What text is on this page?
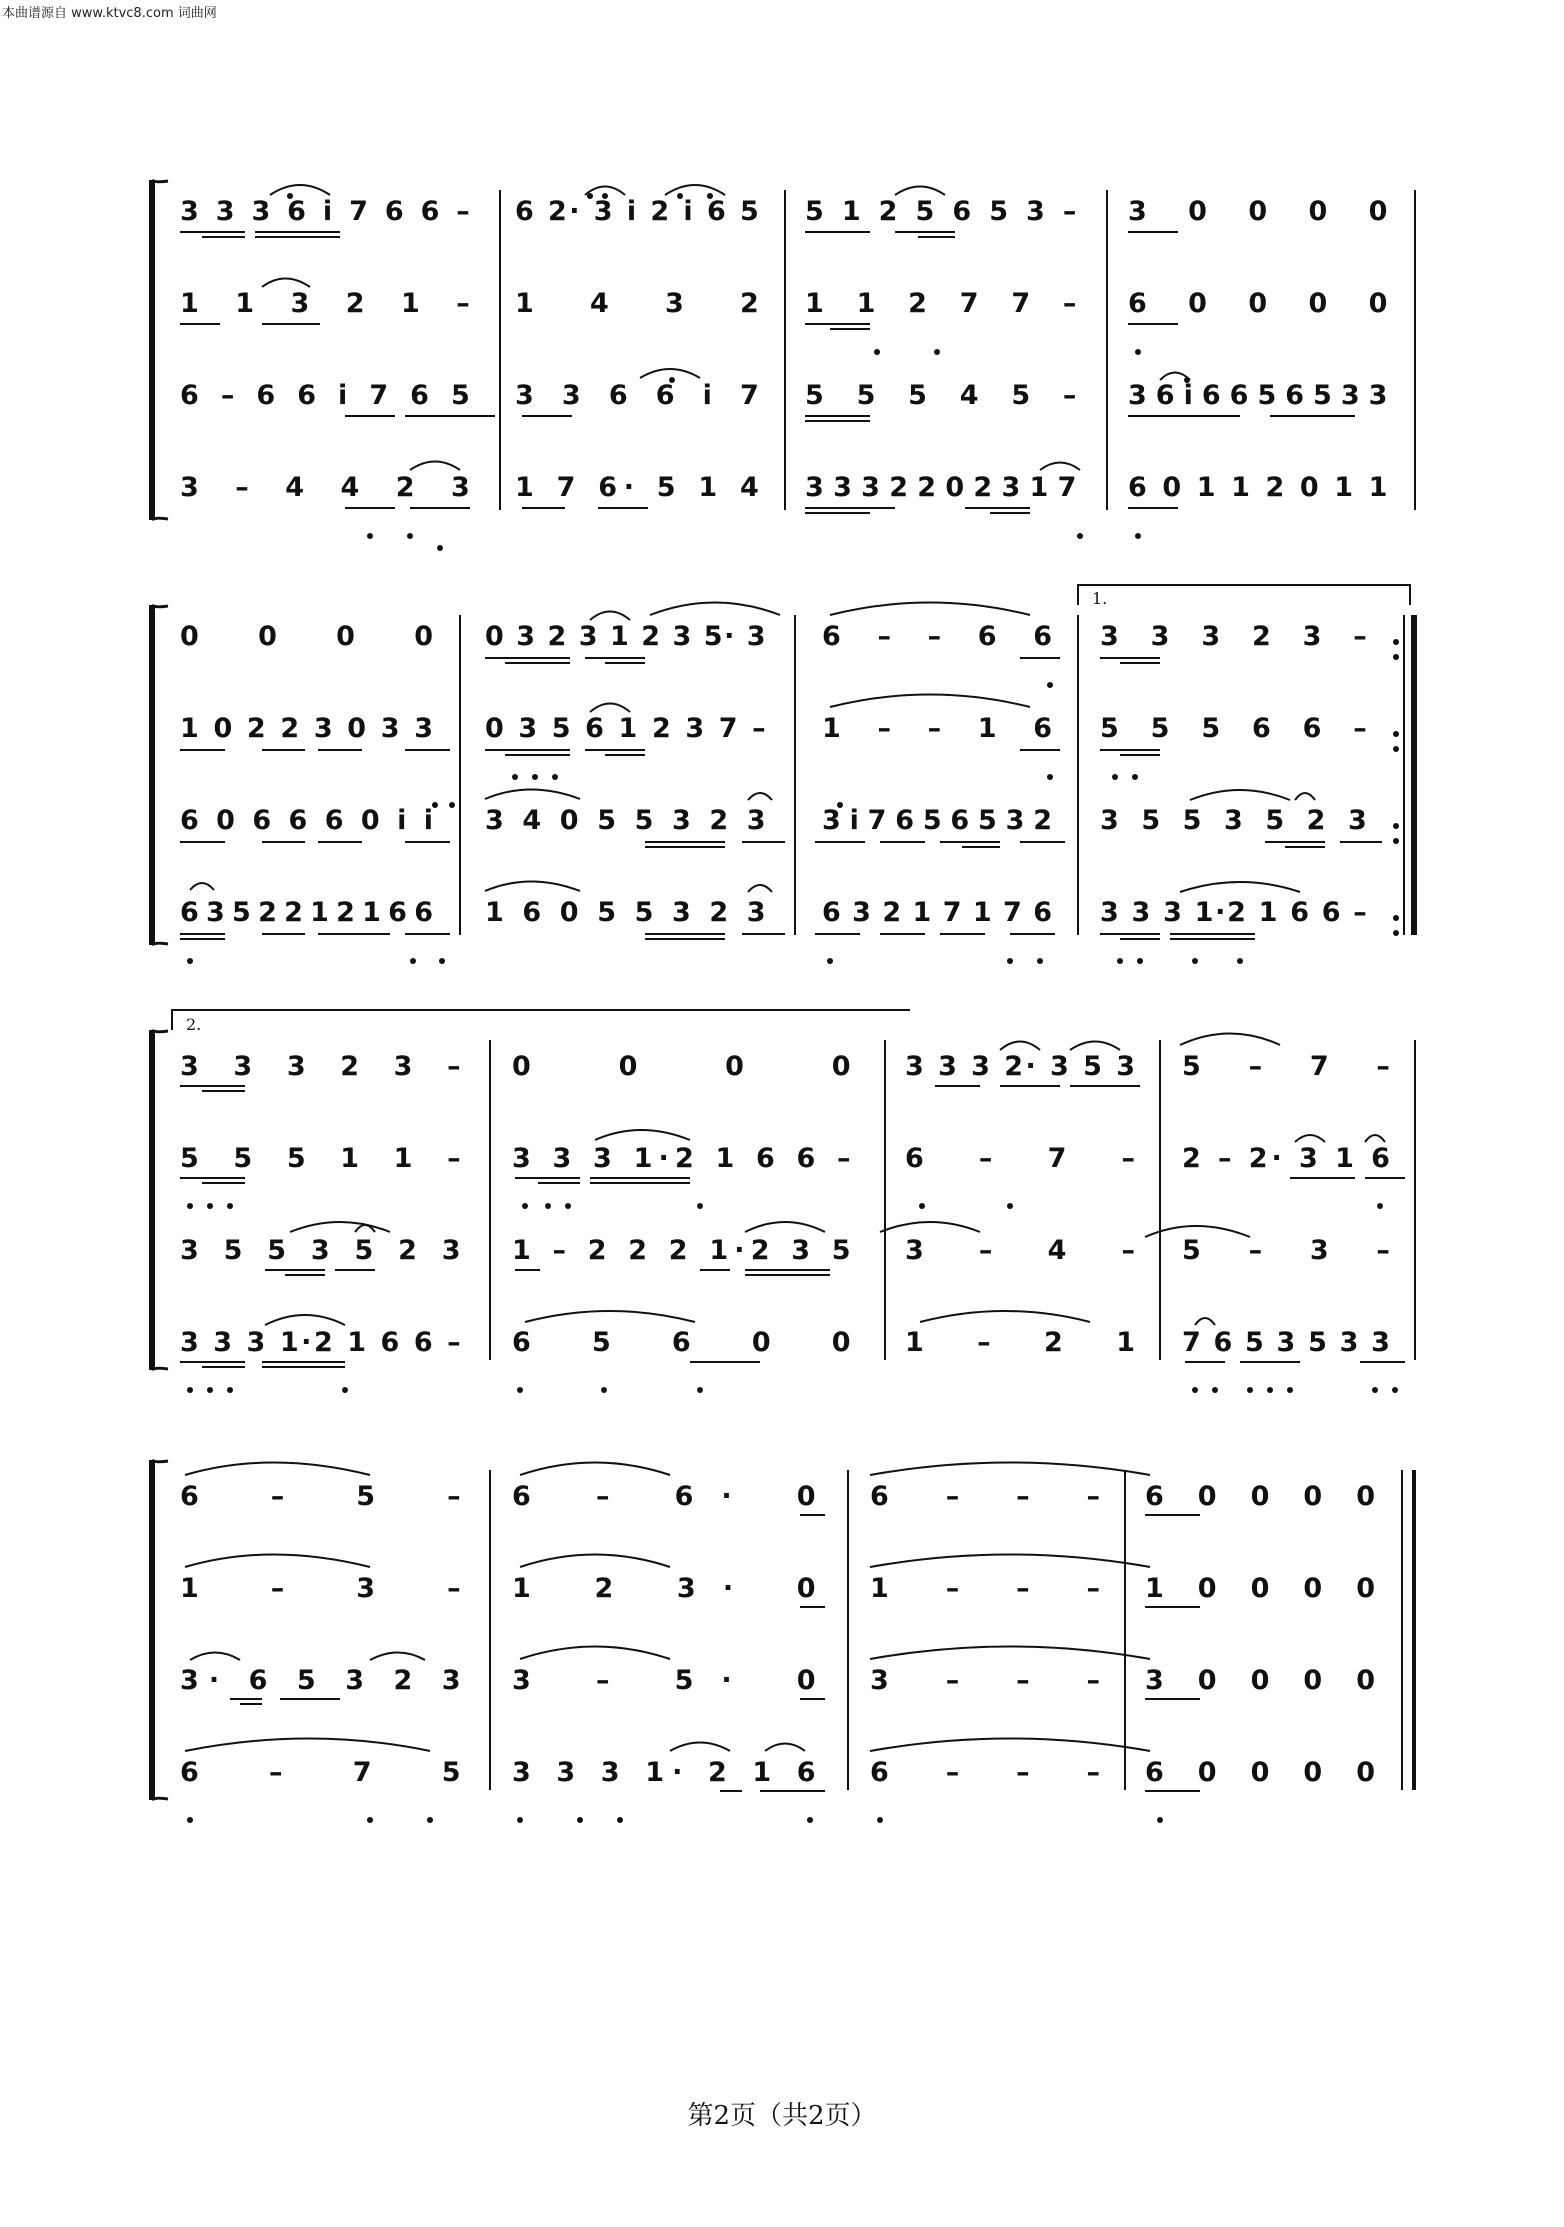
本曲谱源自 www.ktvc8.com 词曲网
3 3 3 6 i 7 6 6 – 6 2· 3 i 2 i 6 5 5 1 2 5 6 5 3 – 3 0 0 0 0
1 1 3 2 1 – 1 4 3 2 1 1 2 7 7 – 6 0 0 0 0
6 – 6 6 i 7 6 5 3 3 6 6 i 7 5 5 5 4 5 – 3 6 i 6 6 5 6 5 3 3
3 – 4 4 2 3 1 7 6· 5 1 4 3 3 3 2 2 0 2 3 1 7 6 0 1 1 2 0 1 1
0 0 0 0 0 3 2 3 1 2 3 5· 3 6 – – 6 6 3 3 3 2 3 –
1 0 2 2 3 0 3 3 0 3 5 6 1 2 3 7 – 1 – – 1 6 5 5 5 6 6 –
6 0 6 6 6 0 i i 3 4 0 5 5 3 2 3 3 i 7 6 5 6 5 3 2 3 5 5 3 5 2 3
6 3 5 2 2 1 2 1 6 6 1 6 0 5 5 3 2 3 6 3 2 1 7 1 7 6 3 3 3 1·2 1 6 6 –
3 3 3 2 3 – 0 0 0 0 3 3 3 2· 3 5 3 5 – 7 –
5 5 5 1 1 – 3 3 3 1·2 1 6 6 – 6 – 7 – 2 – 2· 3 1 6
3 5 5 3 5 2 3 1 – 2 2 2 1·2 3 5 3 – 4 – 5 – 3 –
3 3 3 1·2 1 6 6 – 6 5 6 0 0 1 – 2 1 7 6 5 3 5 3 3
6 – 5 – 6 – 6· 0 6 – – – 6 0 0 0 0
1 – 3 – 1 2 3· 0 1 – – – 1 0 0 0 0
3· 6 5 3 2 3 3 – 5· 0 3 – – – 3 0 0 0 0
6 – 7 5 3 3 3 1· 2 1 6 6 – – – 6 0 0 0 0
1.
2.
第2页（共2页）
